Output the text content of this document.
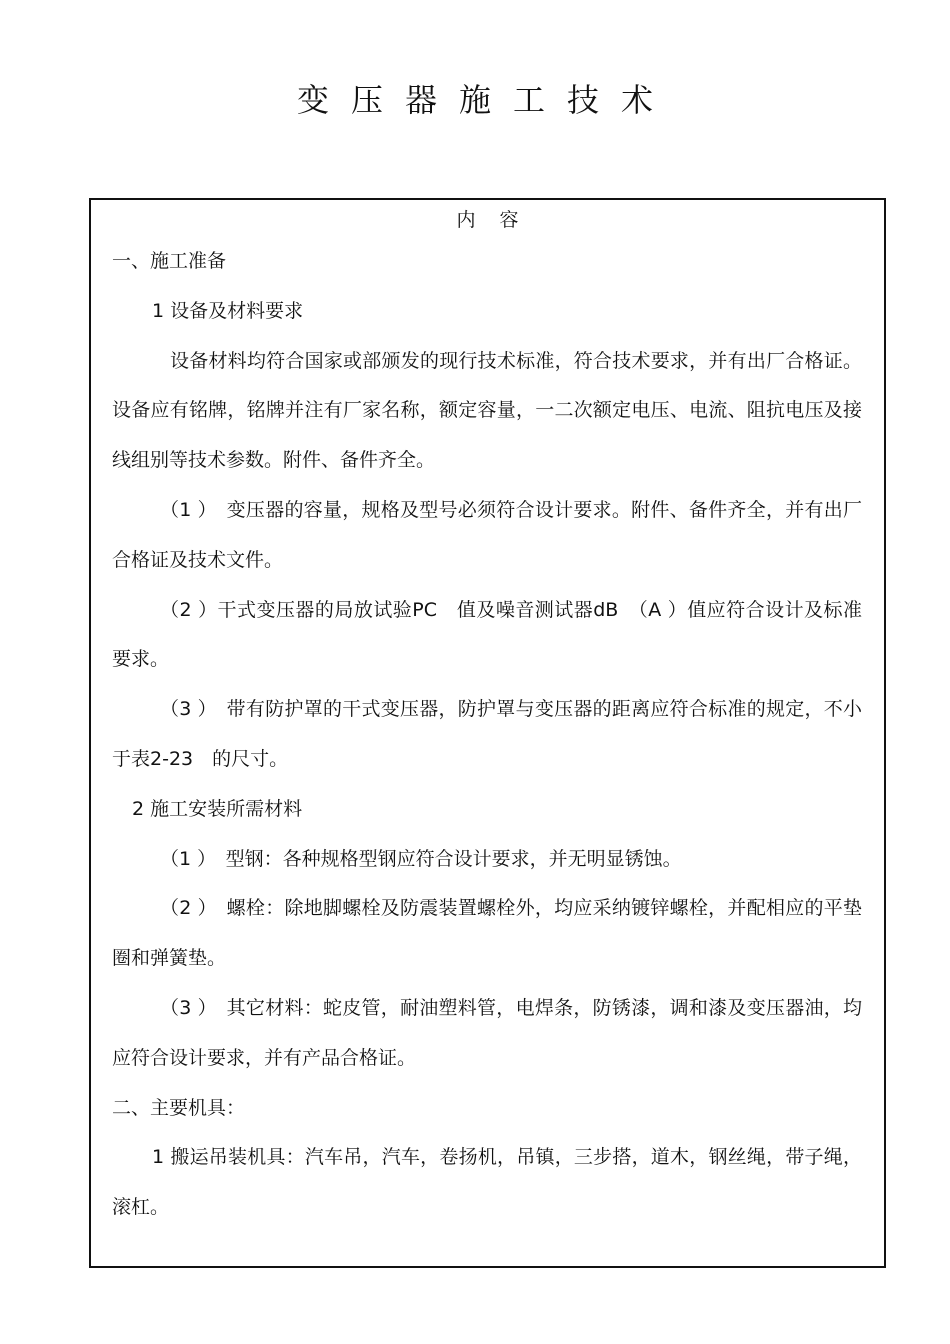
变压器施工技术
内容

一、施工准备

1 设备及材料要求

设备材料均符合国家或部颁发的现行技术标准，符合技术要求，并有出厂合格证。设备应有铭牌，铭牌并注有厂家名称，额定容量，一二次额定电压、电流、阻抗电压及接线组别等技术参数。附件、备件齐全。

（1 ）　变压器的容量，规格及型号必须符合设计要求。附件、备件齐全，并有出厂合格证及技术文件。

（2 ）干式变压器的局放试验PC　值及噪音测试器dB　（A ）值应符合设计及标准要求。

（3 ）　带有防护罩的干式变压器，防护罩与变压器的距离应符合标准的规定，不小于表2-23　的尺寸。

2 施工安装所需材料

（1 ）　型钢：各种规格型钢应符合设计要求，并无明显锈蚀。

（2 ）　螺栓：除地脚螺栓及防震装置螺栓外，均应采纳镀锌螺栓，并配相应的平垫圈和弹簧垫。

（3 ）　其它材料：蛇皮管，耐油塑料管，电焊条，防锈漆，调和漆及变压器油，均应符合设计要求，并有产品合格证。

二、主要机具：

1 搬运吊装机具：汽车吊，汽车，卷扬机，吊镇，三步搭，道木，钢丝绳，带子绳，滚杠。
